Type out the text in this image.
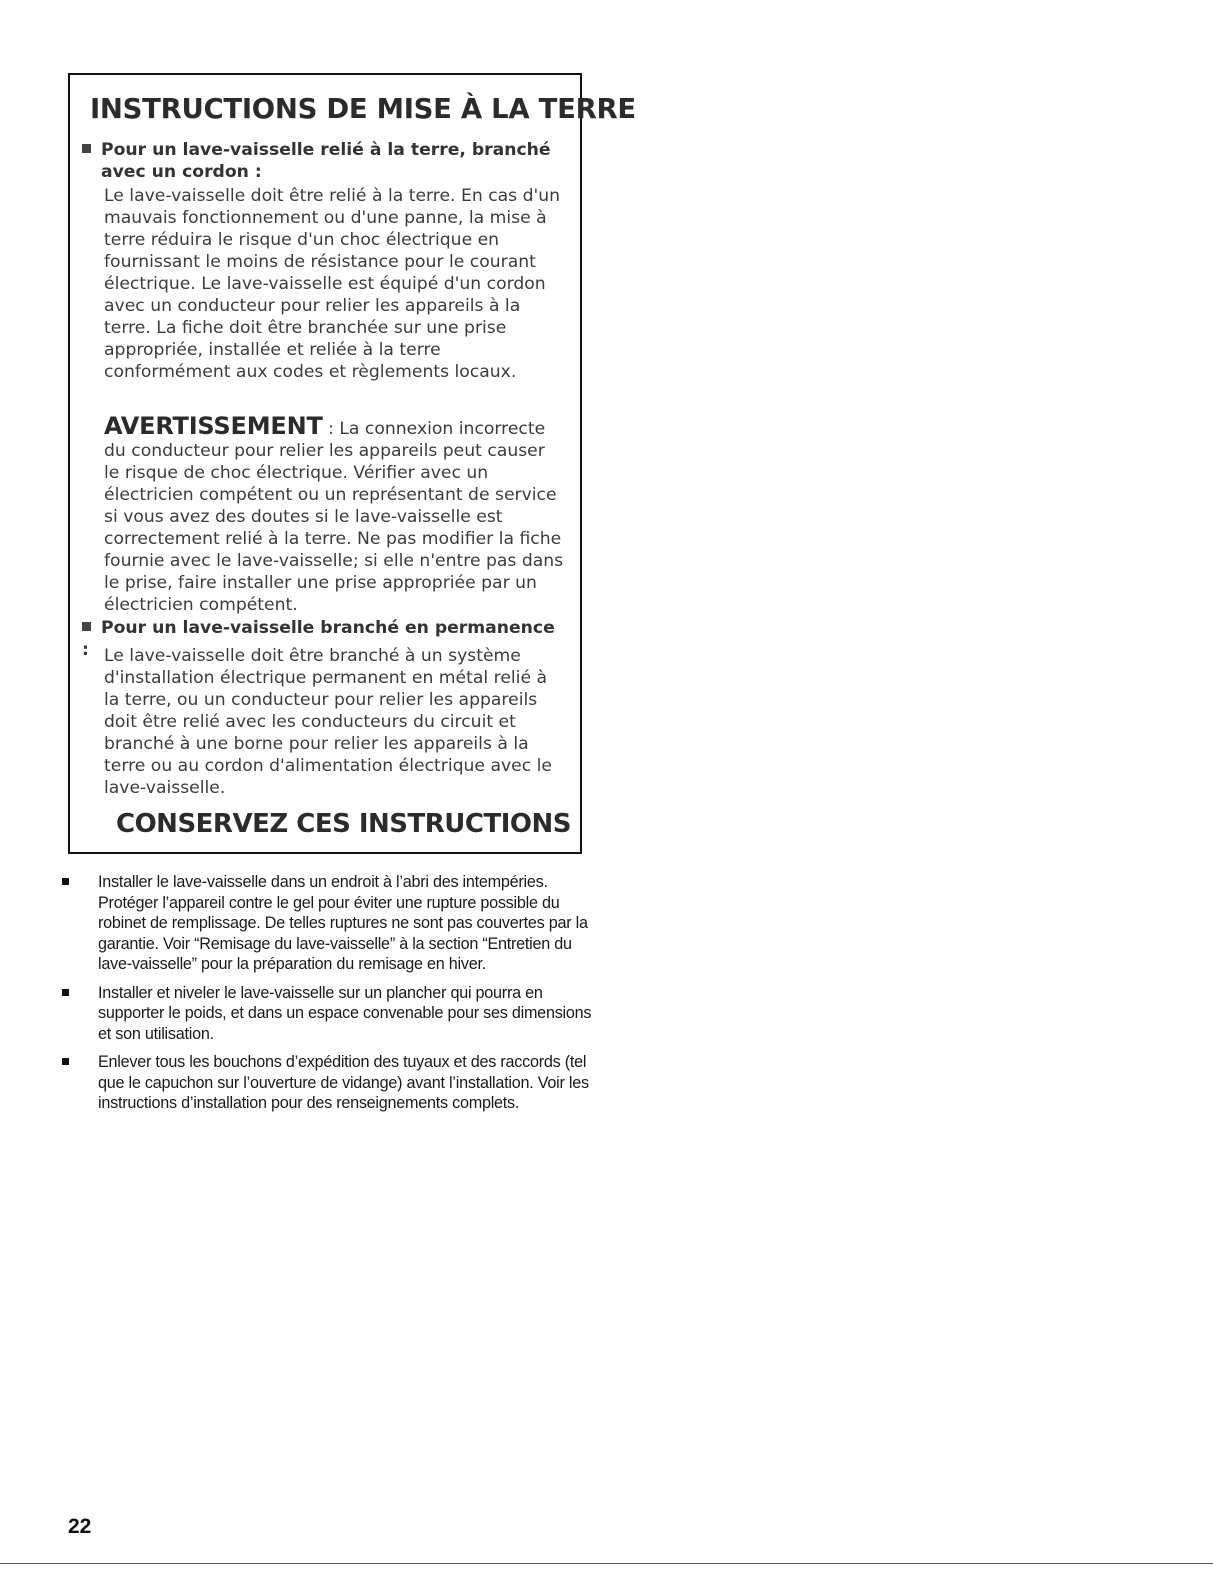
INSTRUCTIONS DE MISE À LA TERRE
Pour un lave-vaisselle relié à la terre, branché avec un cordon :

Le lave-vaisselle doit être relié à la terre. En cas d'un mauvais fonctionnement ou d'une panne, la mise à terre réduira le risque d'un choc électrique en fournissant le moins de résistance pour le courant électrique. Le lave-vaisselle est équipé d'un cordon avec un conducteur pour relier les appareils à la terre. La fiche doit être branchée sur une prise appropriée, installée et reliée à la terre conformément aux codes et règlements locaux.

AVERTISSEMENT : La connexion incorrecte du conducteur pour relier les appareils peut causer le risque de choc électrique. Vérifier avec un électricien compétent ou un représentant de service si vous avez des doutes si le lave-vaisselle est correctement relié à la terre. Ne pas modifier la fiche fournie avec le lave-vaisselle; si elle n'entre pas dans le prise, faire installer une prise appropriée par un électricien compétent.

Pour un lave-vaisselle branché en permanence : Le lave-vaisselle doit être branché à un système d'installation électrique permanent en métal relié à la terre, ou un conducteur pour relier les appareils doit être relié avec les conducteurs du circuit et branché à une borne pour relier les appareils à la terre ou au cordon d'alimentation électrique avec le lave-vaisselle.

CONSERVEZ CES INSTRUCTIONS
Installer le lave-vaisselle dans un endroit à l’abri des intempéries. Protéger l’appareil contre le gel pour éviter une rupture possible du robinet de remplissage. De telles ruptures ne sont pas couvertes par la garantie. Voir “Remisage du lave-vaisselle” à la section “Entretien du lave-vaisselle” pour la préparation du remisage en hiver.
Installer et niveler le lave-vaisselle sur un plancher qui pourra en supporter le poids, et dans un espace convenable pour ses dimensions et son utilisation.
Enlever tous les bouchons d’expédition des tuyaux et des raccords (tel que le capuchon sur l’ouverture de vidange) avant l’installation. Voir les instructions d’installation pour des renseignements complets.
22
